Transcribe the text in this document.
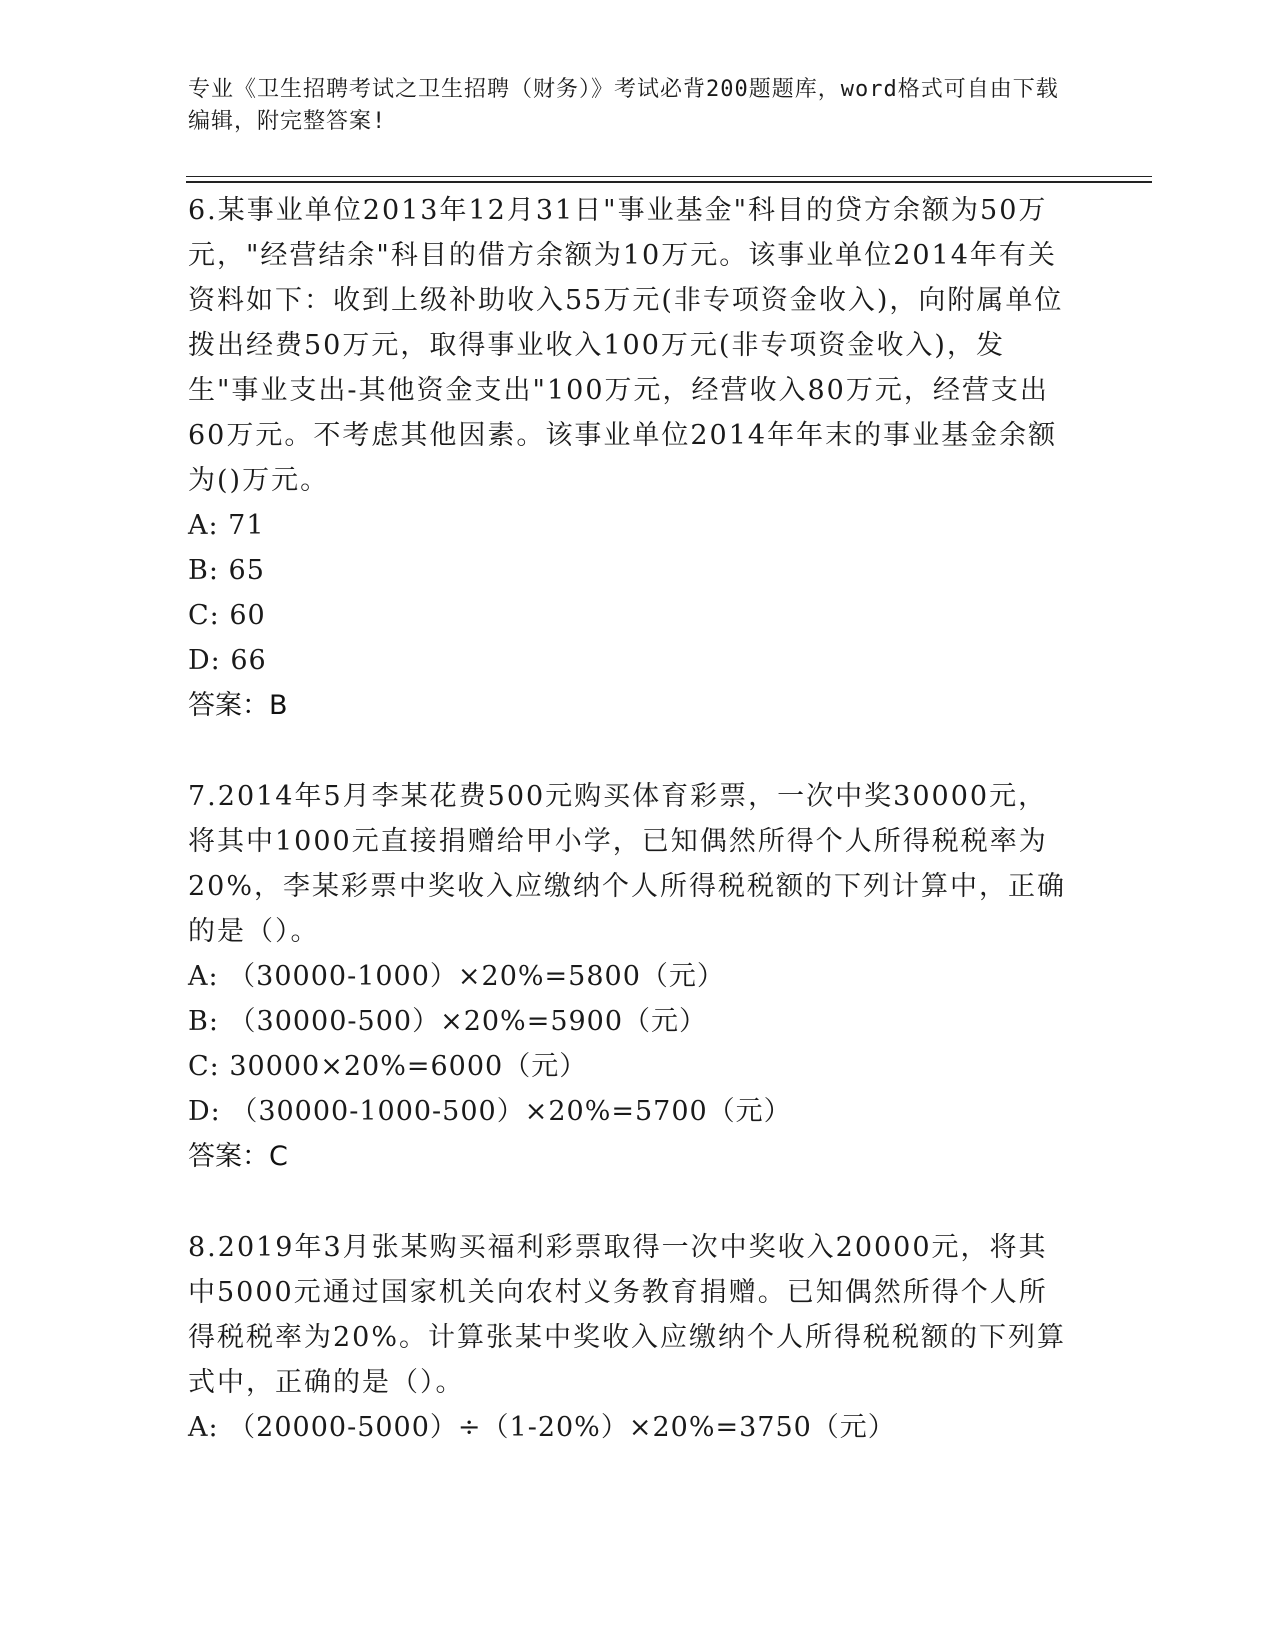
专业《卫生招聘考试之卫生招聘（财务）》考试必背200题题库，word格式可自由下载编辑，附完整答案!

6.某事业单位2013年12月31日"事业基金"科目的贷方余额为50万元，"经营结余"科目的借方余额为10万元。该事业单位2014年有关资料如下：收到上级补助收入55万元(非专项资金收入)，向附属单位拨出经费50万元，取得事业收入100万元(非专项资金收入)，发生"事业支出-其他资金支出"100万元，经营收入80万元，经营支出60万元。不考虑其他因素。该事业单位2014年年末的事业基金余额为()万元。

A: 71

B: 65

C: 60

D: 66

答案：B

7.2014年5月李某花费500元购买体育彩票，一次中奖30000元，将其中1000元直接捐赠给甲小学，已知偶然所得个人所得税税率为20%，李某彩票中奖收入应缴纳个人所得税税额的下列计算中，正确的是（）。

A: （30000-1000）×20%=5800（元）

B: （30000-500）×20%=5900（元）

C: 30000×20%=6000（元）

D: （30000-1000-500）×20%=5700（元）

答案：C

8.2019年3月张某购买福利彩票取得一次中奖收入20000元，将其中5000元通过国家机关向农村义务教育捐赠。已知偶然所得个人所得税税率为20%。计算张某中奖收入应缴纳个人所得税税额的下列算式中，正确的是（）。

A: （20000-5000）÷（1-20%）×20%=3750（元）
